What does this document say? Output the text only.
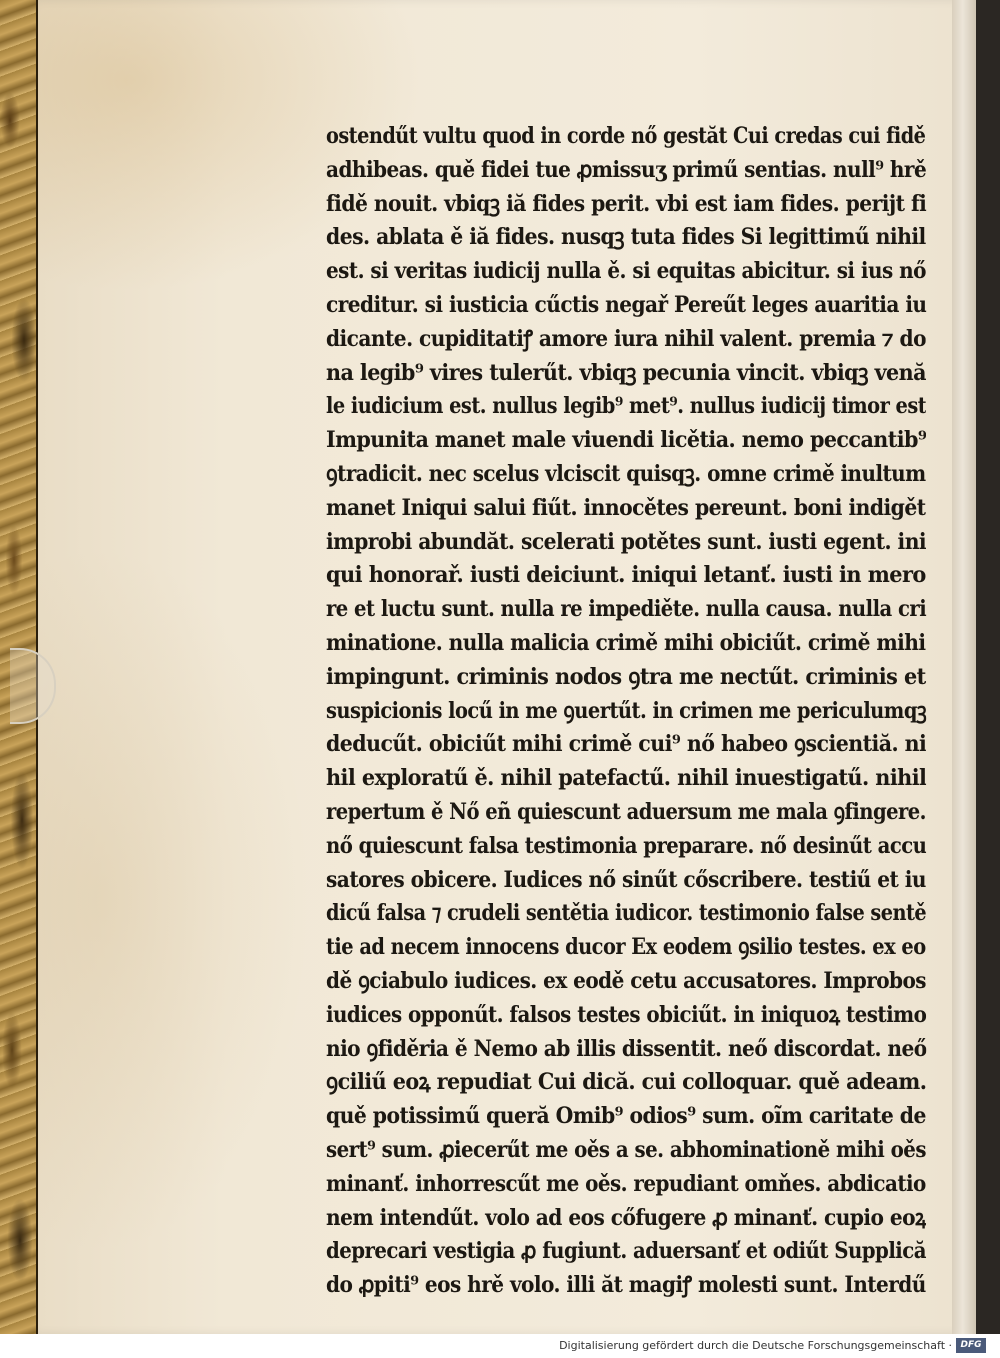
ostendűt vultu quod in corde nő gestăt Cui credas cui fidě
adhibeas. quě fidei tue ꝓmissuʒ primű sentias. null⁹ hrě
fidě nouit. vbiqꝫ iă fides perit. vbi est iam fides. perijt fi
des. ablata ě iă fides. nusqꝫ tuta fides Si legittimű nihil
est. si veritas iudicij nulla ě. si equitas abicitur. si ius nő
creditur. si iusticia cűctis negař Pereűt leges auaritia iu
dicante. cupiditatiꝭ amore iura nihil valent. premia ⁊ do
na legib⁹ vires tulerűt. vbiqꝫ pecunia vincit. vbiqꝫ venă
le iudicium est. nullus legib⁹ met⁹. nullus iudicij timor est
Impunita manet male viuendi licětia. nemo peccantib⁹
ꝯtradicit. nec scelus vlciscit quisqꝫ. omne crimě inultum
manet Iniqui salui fiűt. innocětes pereunt. boni indigět
improbi abundăt. scelerati potětes sunt. iusti egent. ini
qui honorař. iusti deiciunt. iniqui letanť. iusti in mero
re et luctu sunt. nulla re impediěte. nulla causa. nulla cri
minatione. nulla malicia crimě mihi obiciűt. crimě mihi
impingunt. criminis nodos ꝯtra me nectűt. criminis et
suspicionis locű in me ꝯuertűt. in crimen me periculumqꝫ
deducűt. obiciűt mihi crimě cui⁹ nő habeo ꝯscientiă. ni
hil exploratű ě. nihil patefactű. nihil inuestigatű. nihil
repertum ě Nő eñ quiescunt aduersum me mala ꝯfingere.
nő quiescunt falsa testimonia preparare. nő desinűt accu
satores obicere. Iudices nő sinűt cőscribere. testiű et iu
dicű falsa ⁊ crudeli sentětia iudicor. testimonio false sentě
tie ad necem innocens ducor Ex eodem ꝯsilio testes. ex eo
dě ꝯciabulo iudices. ex eodě cetu accusatores. Improbos
iudices opponűt. falsos testes obiciűt. in iniquoꝝ testimo
nio ꝯfiděria ě Nemo ab illis dissentit. neő discordat. neő
ꝯciliű eoꝝ repudiat Cui dică. cui colloquar. quě adeam.
quě potissimű queră Omib⁹ odios⁹ sum. oĩm caritate de
sert⁹ sum. ꝓiecerűt me oěs a se. abhominationě mihi oěs
minanť. inhorrescűt me oěs. repudiant omňes. abdicatio
nem intendűt. volo ad eos cőfugere ꝓ minanť. cupio eoꝝ
deprecari vestigia ꝓ fugiunt. aduersanť et odiűt Supplică
do ꝓpiti⁹ eos hrě volo. illi ăt magiꝭ molesti sunt. Interdű
Digitalisierung gefördert durch die Deutsche Forschungsgemeinschaft · DFG
